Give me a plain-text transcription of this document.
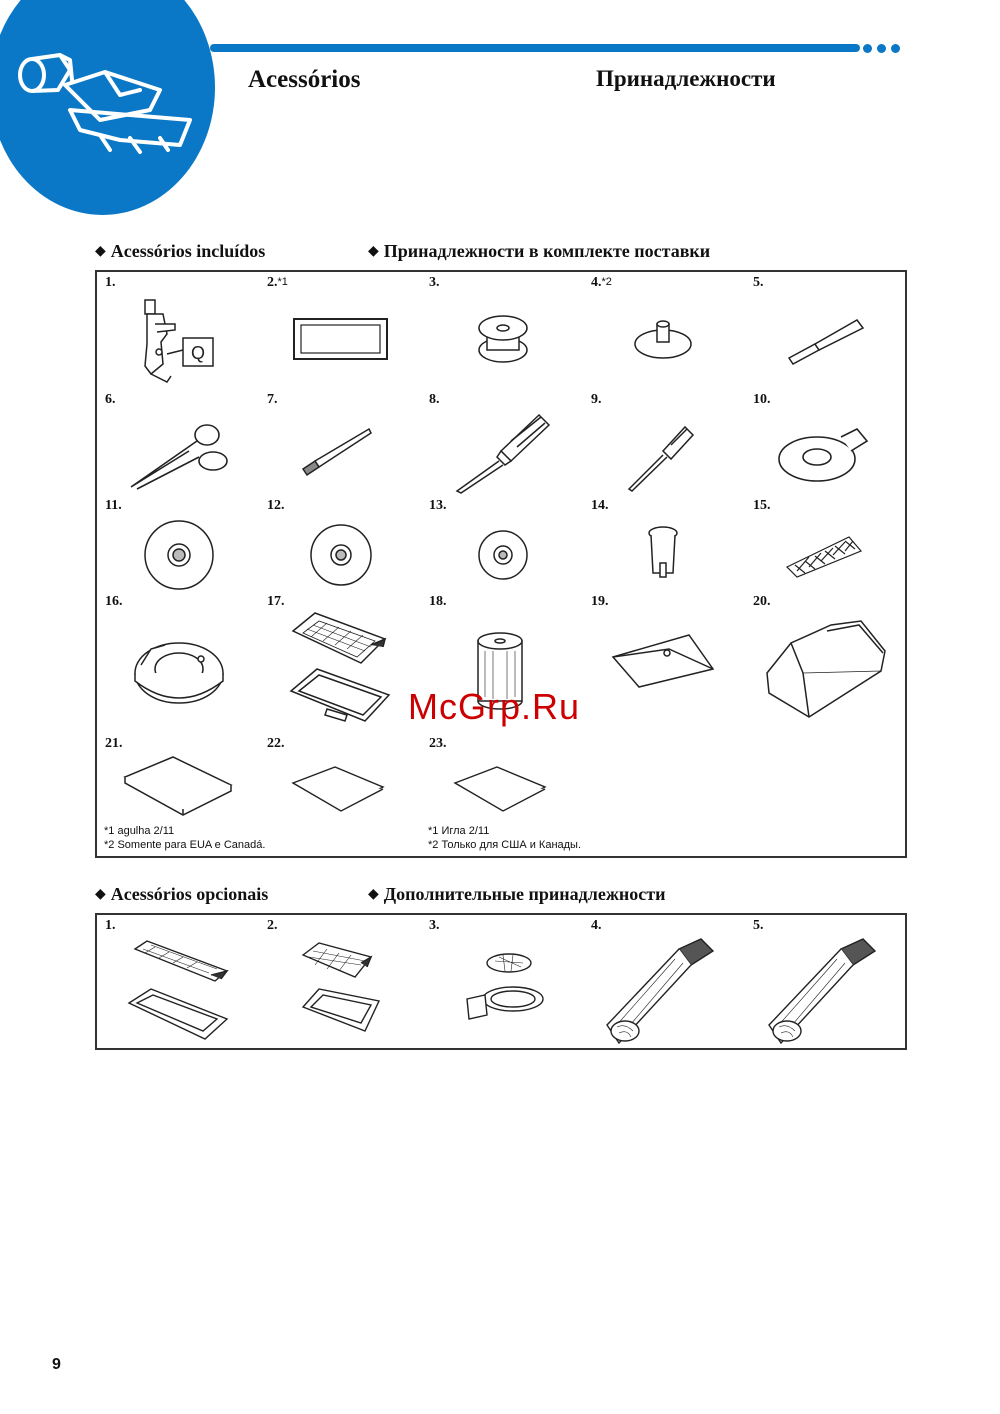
Acessórios	Принадлежности
◆ Acessórios incluídos	◆ Принадлежности в комплекте поставки
1.
Q
2.$^{*1}$	3.	4.$^{*2}$	5.
6.	7.	8.	9.	10.
11.	12.	13.	14.	15.
16.	17.	18.	19.	20.
21.	22.	23.
*1 agulha 2/11
*2 Somente para EUA e Canadá.
*1 Игла 2/11
*2 Только для США и Канады.
◆ Acessórios opcionais	◆ Дополнительные принадлежности
1.	2.	3.	4.	5.
McGrp.Ru
9
